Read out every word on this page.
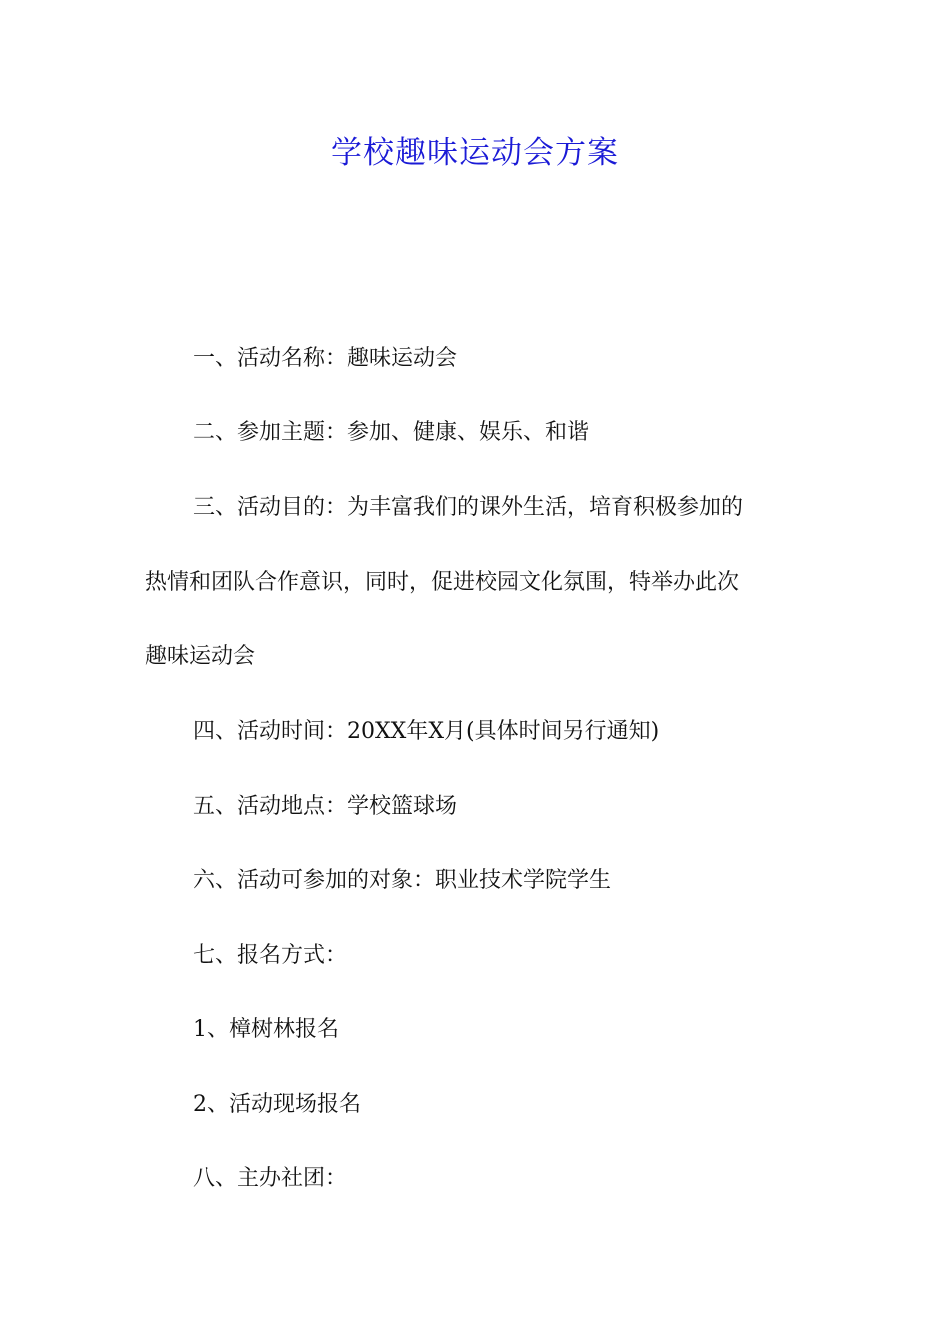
学校趣味运动会方案

一、活动名称：趣味运动会

二、参加主题：参加、健康、娱乐、和谐

三、活动目的：为丰富我们的课外生活，培育积极参加的

热情和团队合作意识，同时，促进校园文化氛围，特举办此次

趣味运动会

四、活动时间：20XX年X月(具体时间另行通知)

五、活动地点：学校篮球场

六、活动可参加的对象：职业技术学院学生

七、报名方式：

1、樟树林报名

2、活动现场报名

八、主办社团：
